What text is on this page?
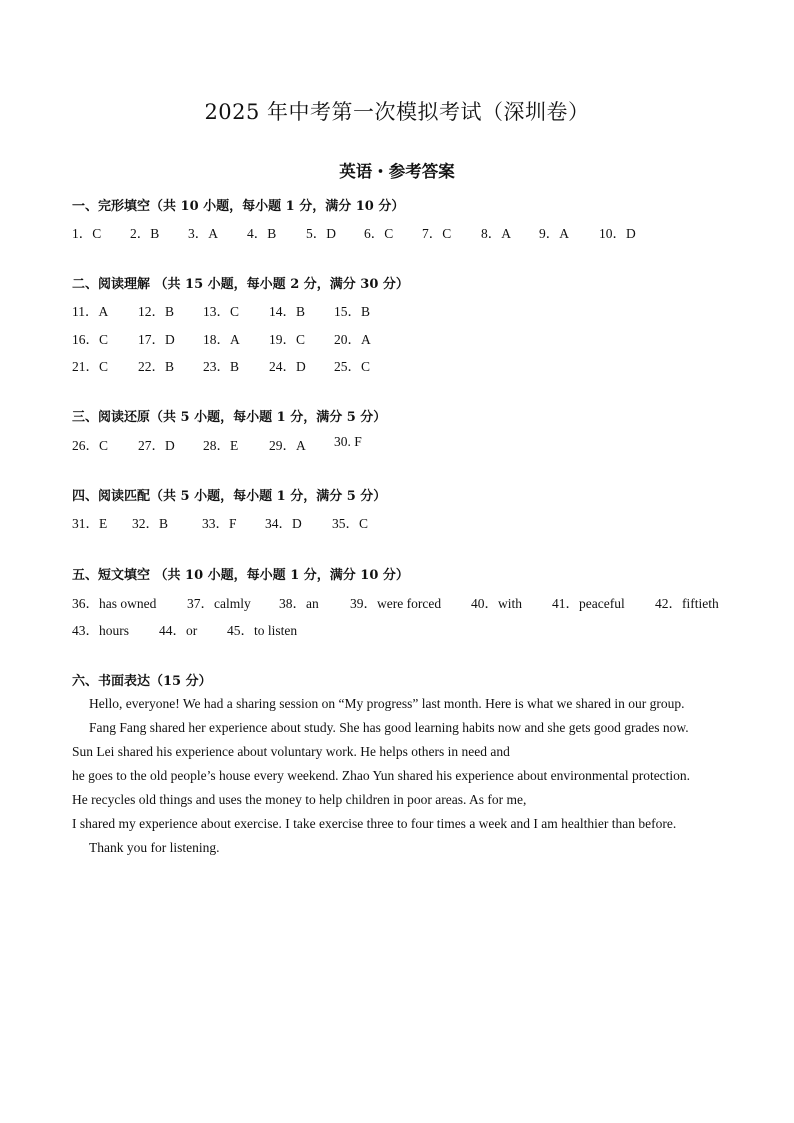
2025 年中考第一次模拟考试（深圳卷）
英语・参考答案
一、完形填空（共 10 小题，每小题 1 分，满分 10 分）
1．C 2．B 3．A 4．B 5．D 6．C 7．C 8．A 9．A 10．D
二、阅读理解 （共 15 小题，每小题 2 分，满分 30 分）
11．A 12．B 13．C 14．B 15．B
16．C 17．D 18．A 19．C 20．A
21．C 22．B 23．B 24．D 25．C
三、阅读还原（共 5 小题，每小题 1 分，满分 5 分）
26．C 27．D 28．E 29．A 30. F
四、阅读匹配（共 5 小题，每小题 1 分，满分 5 分）
31．E 32．B	33．F 34．D 35．C
五、短文填空 （共 10 小题，每小题 1 分，满分 10 分）
36．has owned 37．calmly 38．an 39．were forced 40．with 41．peaceful 42．fiftieth
43．hours 44．or 45．to listen
六、书面表达（15 分）
Hello, everyone! We had a sharing session on “My progress” last month. Here is what we shared in our group.
Fang Fang shared her experience about study. She has good learning habits now and she gets good grades now.
Sun Lei shared his experience about voluntary work. He helps others in need and
he goes to the old people’s house every weekend. Zhao Yun shared his experience about environmental protection.
He recycles old things and uses the money to help children in poor areas. As for me,
I shared my experience about exercise. I take exercise three to four times a week and I am healthier than before.
Thank you for listening.
